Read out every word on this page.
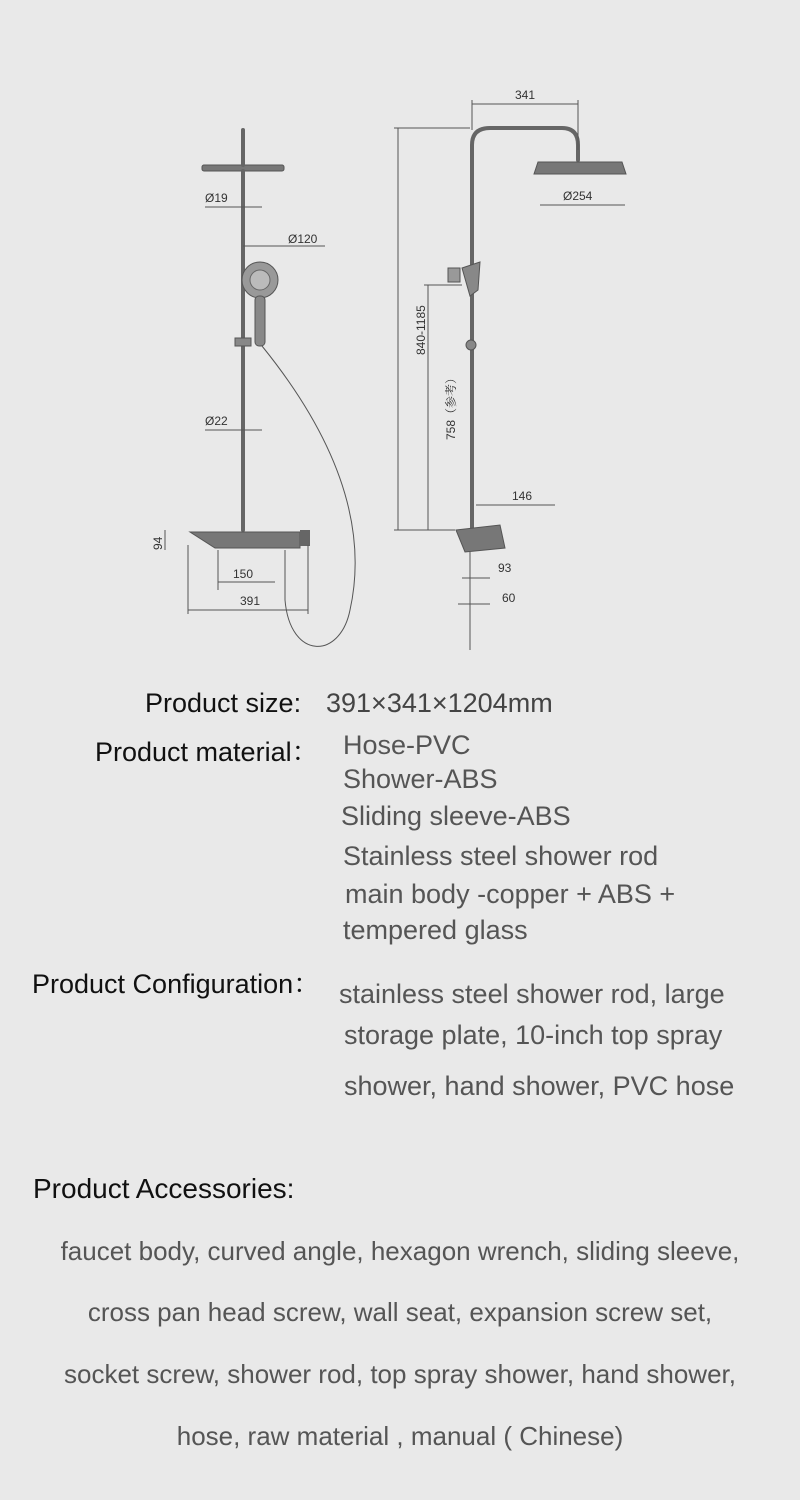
Ø19
Ø120
Ø22
94
150
391
341
Ø254
840-1185
758（参考）
146
93
60
Product size: 391×341×1204mm
Product material： Hose-PVC
Shower-ABS
Sliding sleeve-ABS
Stainless steel shower rod
main body -copper + ABS +
tempered glass
Product Configuration： stainless steel shower rod, large
storage plate, 10-inch top spray
shower, hand shower, PVC hose
Product Accessories:
faucet body, curved angle, hexagon wrench, sliding sleeve,
cross pan head screw, wall seat, expansion screw set,
socket screw, shower rod, top spray shower, hand shower,
hose, raw material , manual ( Chinese)
